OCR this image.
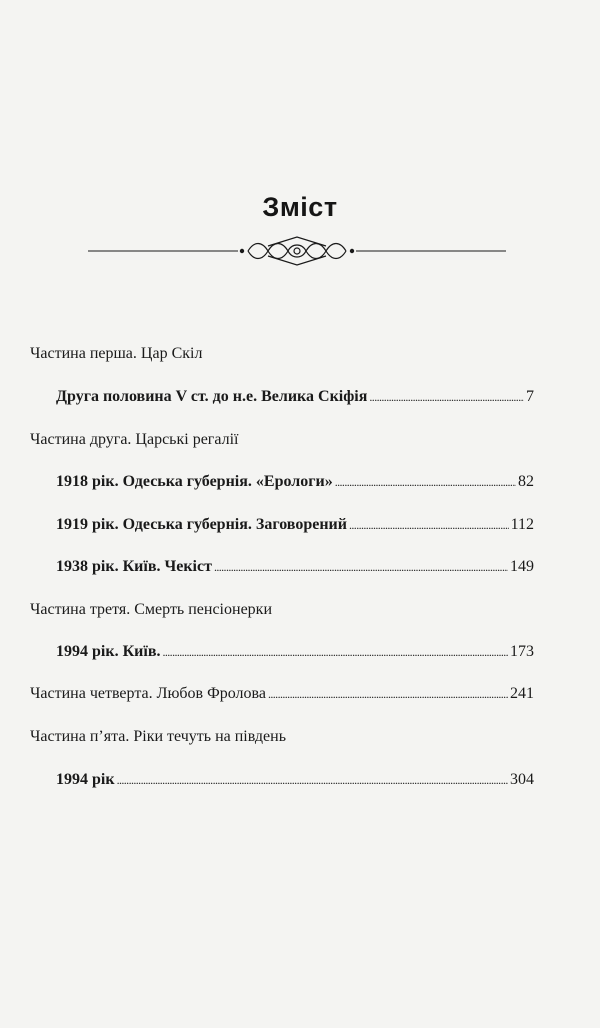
Зміст
Частина перша. Цар Скіл
Друга половина V ст. до н.е. Велика Скіфія .....	7
Частина друга. Царські регалії
1918 рік. Одеська губернія. «Ерологи» .....	82
1919 рік. Одеська губернія. Заговорений .....	112
1938 рік. Київ. Чекіст .....	149
Частина третя. Смерть пенсіонерки
1994 рік. Київ. .....	173
Частина четверта. Любов Фролова .....	241
Частина п’ята. Ріки течуть на південь
1994 рік .....	304
